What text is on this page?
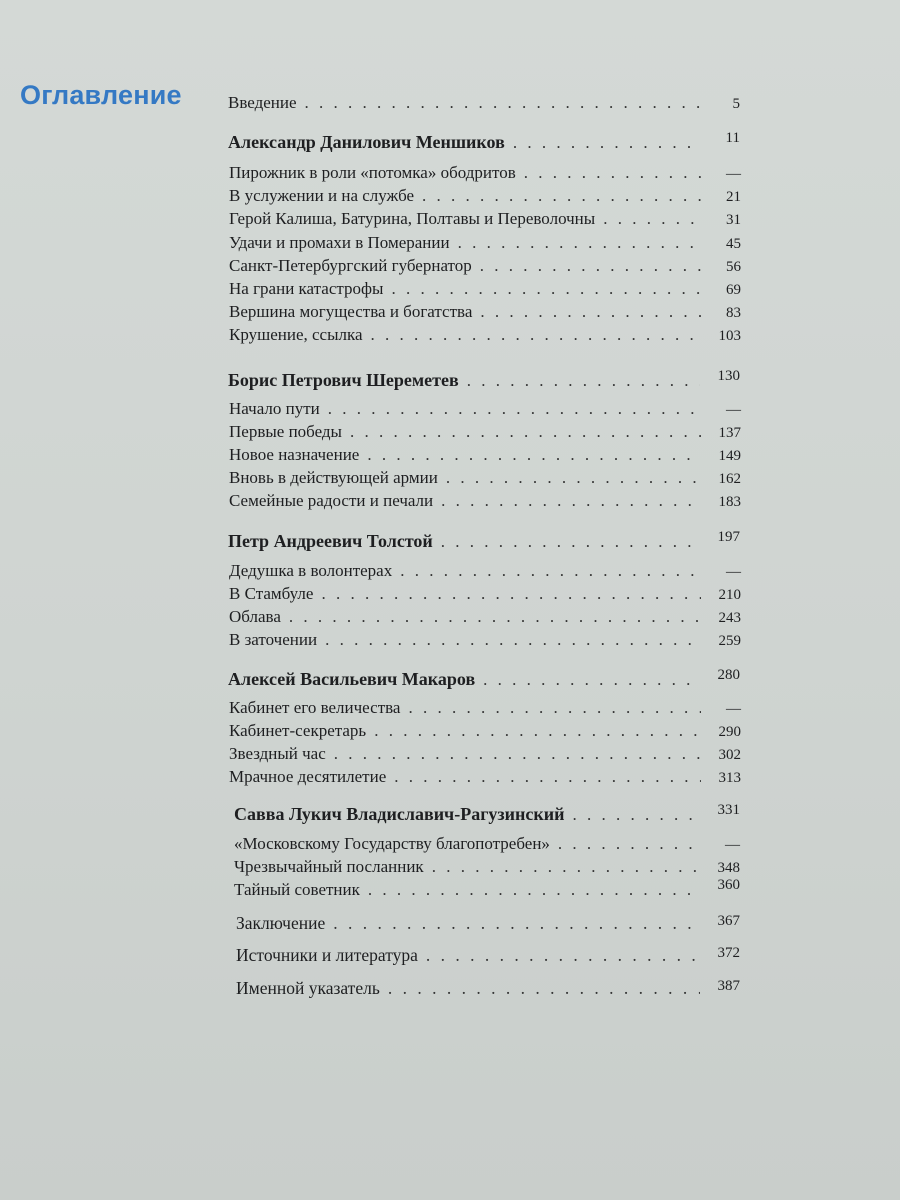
Оглавление	Введение . . .	5
Александр Данилович Меншиков . . .	11
Пирожник в роли «потомка» ободритов . . .	—
В услужении и на службе . . .	21
Герой Калиша, Батурина, Полтавы и Переволочны . . .	31
Удачи и промахи в Померании . . .	45
Санкт-Петербургский губернатор . . .	56
На грани катастрофы . . .	69
Вершина могущества и богатства . . .	83
Крушение, ссылка . . .	103
Борис Петрович Шереметев . . .	130
Начало пути . . .	—
Первые победы . . .	137
Новое назначение . . .	149
Вновь в действующей армии . . .	162
Семейные радости и печали . . .	183
Петр Андреевич Толстой . . .	197
Дедушка в волонтерах . . .	—
В Стамбуле . . .	210
Облава . . .	243
В заточении . . .	259
Алексей Васильевич Макаров . . .	280
Кабинет его величества . . .	—
Кабинет-секретарь . . .	290
Звездный час . . .	302
Мрачное десятилетие . . .	313
Савва Лукич Владиславич-Рагузинский . . .	331
«Московскому Государству благопотребен» . . .	—
Чрезвычайный посланник . . .	348
Тайный советник . . .	360
Заключение . . .	367
Источники и литература . . .	372
Именной указатель . . .	387
